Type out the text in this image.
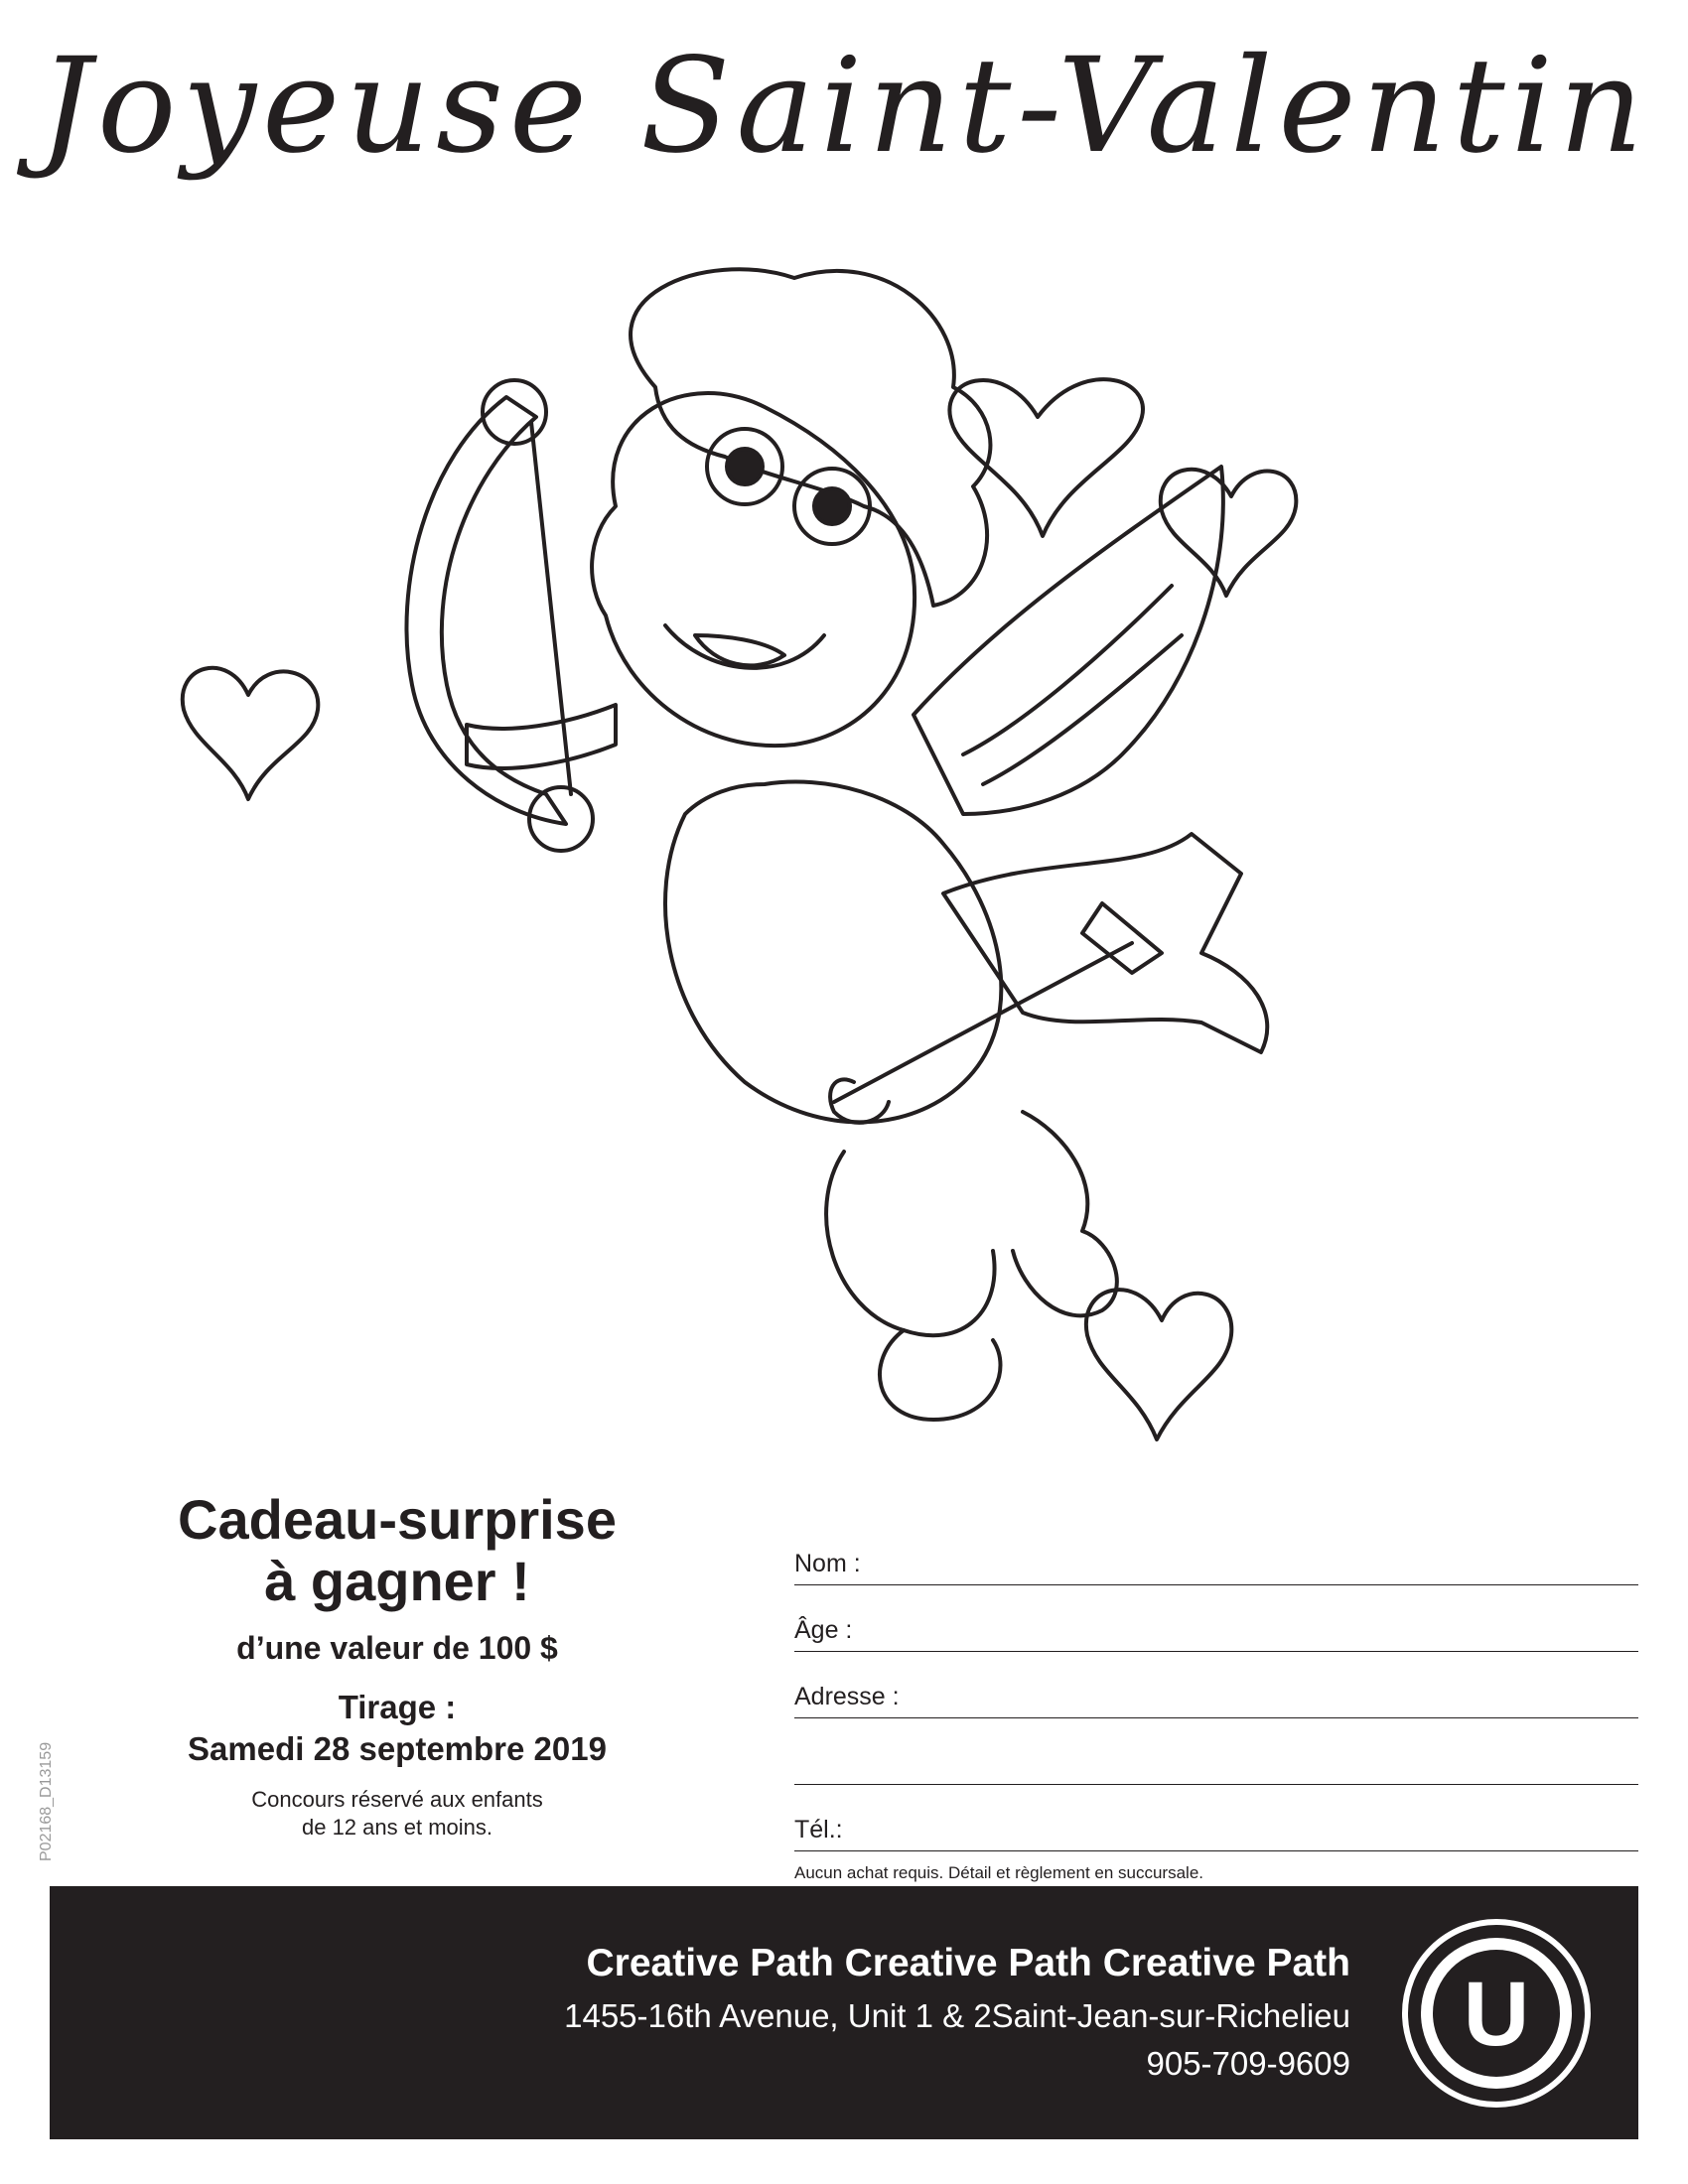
Joyeuse Saint-Valentin
Cadeau-surprise
à gagner !
d’une valeur de 100 $
Tirage :
Samedi 28 septembre 2019
Concours réservé aux enfants
de 12 ans et moins.
Nom :
Âge :
Adresse :
Tél.:
Aucun achat requis. Détail et règlement en succursale.
P02168_D13159
Creative Path Creative Path Creative Path
1455-16th Avenue, Unit 1 & 2Saint-Jean-sur-Richelieu
905-709-9609 U
